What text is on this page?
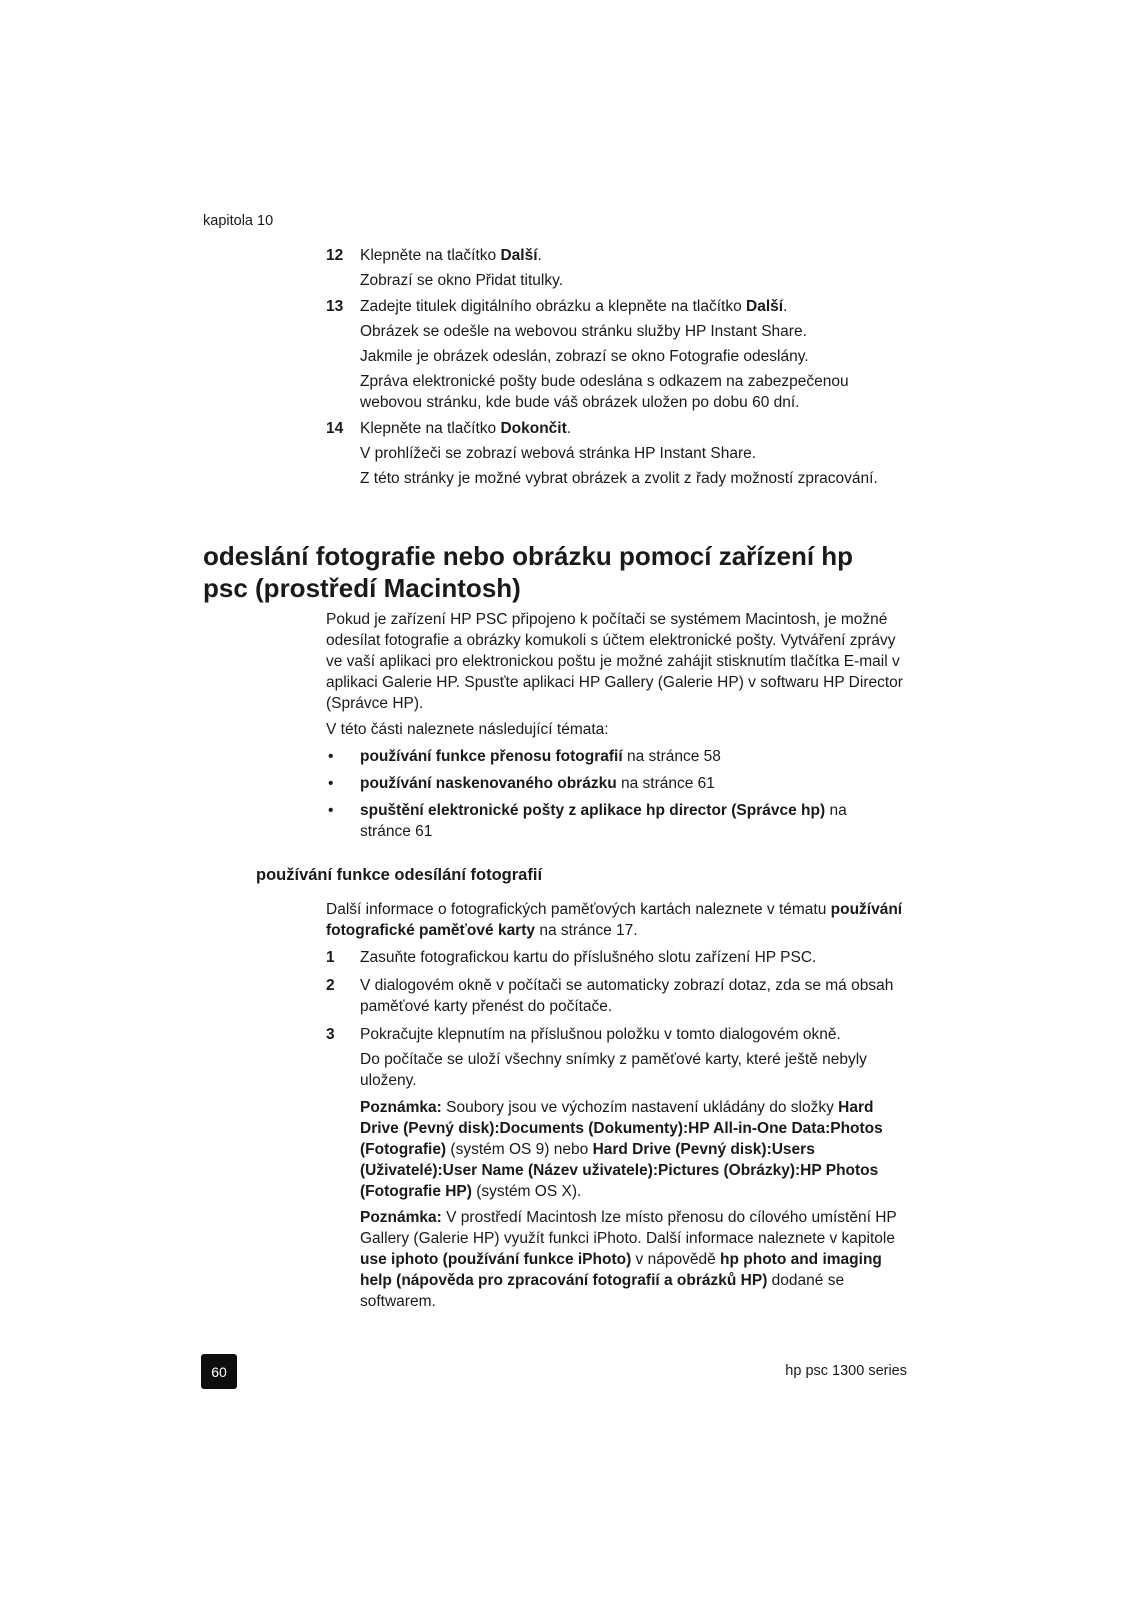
kapitola 10
12 Klepněte na tlačítko Další.
Zobrazí se okno Přidat titulky.
13 Zadejte titulek digitálního obrázku a klepněte na tlačítko Další.
Obrázek se odešle na webovou stránku služby HP Instant Share.
Jakmile je obrázek odeslán, zobrazí se okno Fotografie odeslány.
Zpráva elektronické pošty bude odeslána s odkazem na zabezpečenou webovou stránku, kde bude váš obrázek uložen po dobu 60 dní.
14 Klepněte na tlačítko Dokončit.
V prohlížeči se zobrazí webová stránka HP Instant Share.
Z této stránky je možné vybrat obrázek a zvolit z řady možností zpracování.
odeslání fotografie nebo obrázku pomocí zařízení hp psc (prostředí Macintosh)
Pokud je zařízení HP PSC připojeno k počítači se systémem Macintosh, je možné odesílat fotografie a obrázky komukoli s účtem elektronické pošty. Vytváření zprávy ve vaší aplikaci pro elektronickou poštu je možné zahájit stisknutím tlačítka E-mail v aplikaci Galerie HP. Spusťte aplikaci HP Gallery (Galerie HP) v softwaru HP Director (Správce HP).
V této části naleznete následující témata:
• používání funkce přenosu fotografií na stránce 58
• používání naskenovaného obrázku na stránce 61
• spuštění elektronické pošty z aplikace hp director (Správce hp) na stránce 61
používání funkce odesílání fotografií
Další informace o fotografických paměťových kartách naleznete v tématu používání fotografické paměťové karty na stránce 17.
1 Zasuňte fotografickou kartu do příslušného slotu zařízení HP PSC.
2 V dialogovém okně v počítači se automaticky zobrazí dotaz, zda se má obsah paměťové karty přenést do počítače.
3 Pokračujte klepnutím na příslušnou položku v tomto dialogovém okně.
Do počítače se uloží všechny snímky z paměťové karty, které ještě nebyly uloženy.
Poznámka: Soubory jsou ve výchozím nastavení ukládány do složky Hard Drive (Pevný disk):Documents (Dokumenty):HP All-in-One Data:Photos (Fotografie) (systém OS 9) nebo Hard Drive (Pevný disk):Users (Uživatelé):User Name (Název uživatele):Pictures (Obrázky):HP Photos (Fotografie HP) (systém OS X).
Poznámka: V prostředí Macintosh lze místo přenosu do cílového umístění HP Gallery (Galerie HP) využít funkci iPhoto. Další informace naleznete v kapitole use iphoto (používání funkce iPhoto) v nápovědě hp photo and imaging help (nápověda pro zpracování fotografií a obrázků HP) dodané se softwarem.
60	hp psc 1300 series
